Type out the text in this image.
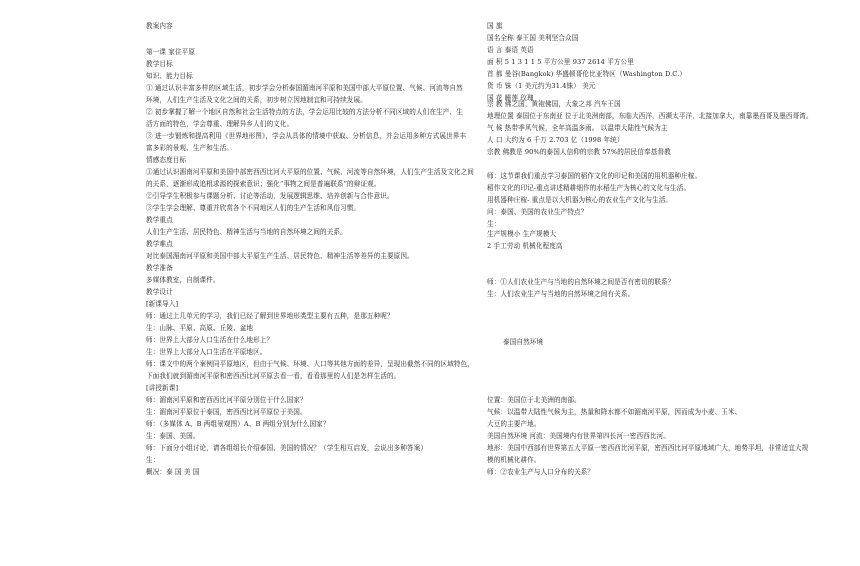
教案内容
第一课 家住平原
教学目标
知识、能力目标
① 通过认识丰富多样的区域生活，初步学会分析泰国湄南河平原和美国中部大平原位置、气候、河流等自然
环境，人们生产生活及文化之间的关系，初步树立因地制宜和可持续发展。
② 初步掌握了解一个地区自然和社会生活特点的方法，学会运用比较的方法分析不同区域的人们在生产、生
活方面的特色，学会尊重、理解异乡人们的文化。
③ 进一步锻炼和提高利用《世界地形图》，学会从具体的情境中获取、分析信息，并会运用多种方式展世界丰
富多彩的景观、生产和生活。
情感态度目标
①通过认识湄南河平原和美国中部密西西比河大平原的位置、气候、河流等自然环境，人们生产生活及文化之间
的关系，逐渐形成追根求源的探索意识；强化“事物之间是普遍联系”的辩证观。
②引导学生积极参与课题分析、讨论等活动，发展逻辑思维、培养创新与合作意识。
③学生学会理解、尊重并欣赏各个不同地区人们的生产生活和风俗习惯。
教学重点
人们生产生活、居民特色、精神生活与当地的自然环境之间的关系。
教学难点
对比泰国湄南河平原和美国中部大平原生产生活、居民特色、精神生活等差异的主要原因。
教学准备
多媒体教室，自制课件。
教学设计
[新课导入]
师：通过上几单元的学习，我们已经了解到世界地形类型主要有五种，是那五种呢？
生：山脉、平原、高原、丘陵、盆地
师：世界上大部分人口生活在什么地形上？
生：世界上大部分人口生活在平原地区。
师：课文中的两个案例同平原地区，但由于气候、环境、人口等其他方面的差异，呈现出截然不同的区域特色，
下面我们就到湄南河平原和密西西比河平原去看一看，看看那里的人们是怎样生活的。
[讲授新课]
师：湄南河平原和密西西比河平原分别位于什么国家？
生：湄南河平原位于泰国，密西西比河平原位于美国。
师：（多媒体 A、B 两组景观图）A、B 两组分别为什么国家？
生：泰国、美国。
师：下面分小组讨论，请各组组长介绍泰国、美国的情况？（学生相互启发，会说出多种答案）
生：
概况：泰 国 美 国
国 旗
国名全称 泰王国 美利坚合众国
语 言 泰语 英语
面 积 5 1 3 1 1 5 平方公里 937 2614 平方公里
首 都 曼谷(Bangkok) 华盛顿哥伦比亚特区（Washington D.C.）
货 币 铢（1 美元约为31.4铢） 美元
国 花 睡莲 玫瑰
宗 教 佛之国，黄袍佛国，大象之邦 汽车王国
地理位置 泰国位于东南亚 位于北美洲南部，东临大西洋，西濒太平洋，北接加拿大，南靠墨西哥及墨西哥湾。
气 候 热带季风气候，全年高温多雨。 以温带大陆性气候为主
人 口 大约为 6 千万 2.703 亿（1998 年统）
宗教 佛教是 90%的泰国人信仰的宗教 57%的居民信奉基督教
师：这节课我们重点学习泰国的稻作文化的印记和美国的用机器种庄稼。
稻作文化的印记-重点讲述精耕细作的水稻生产为核心的文化与生活。
用机器种庄稼- 重点是以大机器为核心的农业生产文化与生活。
问：泰国、美国的农业生产特点？
生：
生产规模小 生产规模大
2 手工劳动 机械化程度高
师：①人们农业生产与当地的自然环境之间是否有密切的联系？
生：人们农业生产与当地的自然环境之间有关系。
泰国自然环境
位置：美国位于北美洲的南部。
气候：以温带大陆性气候为主，热量和降水都不如湄南河平原，因而成为小麦、玉米、
大豆的主要产地。
美国自然环境 河流：美国境内有世界第四长河一密西西比河。
地形：美国中西部有世界第五大平原一密西西比河平原，密西西比河平原地域广大，地势平坦，非常适宜大规
模的机械化耕作。
师：②农业生产与人口分布的关系？
